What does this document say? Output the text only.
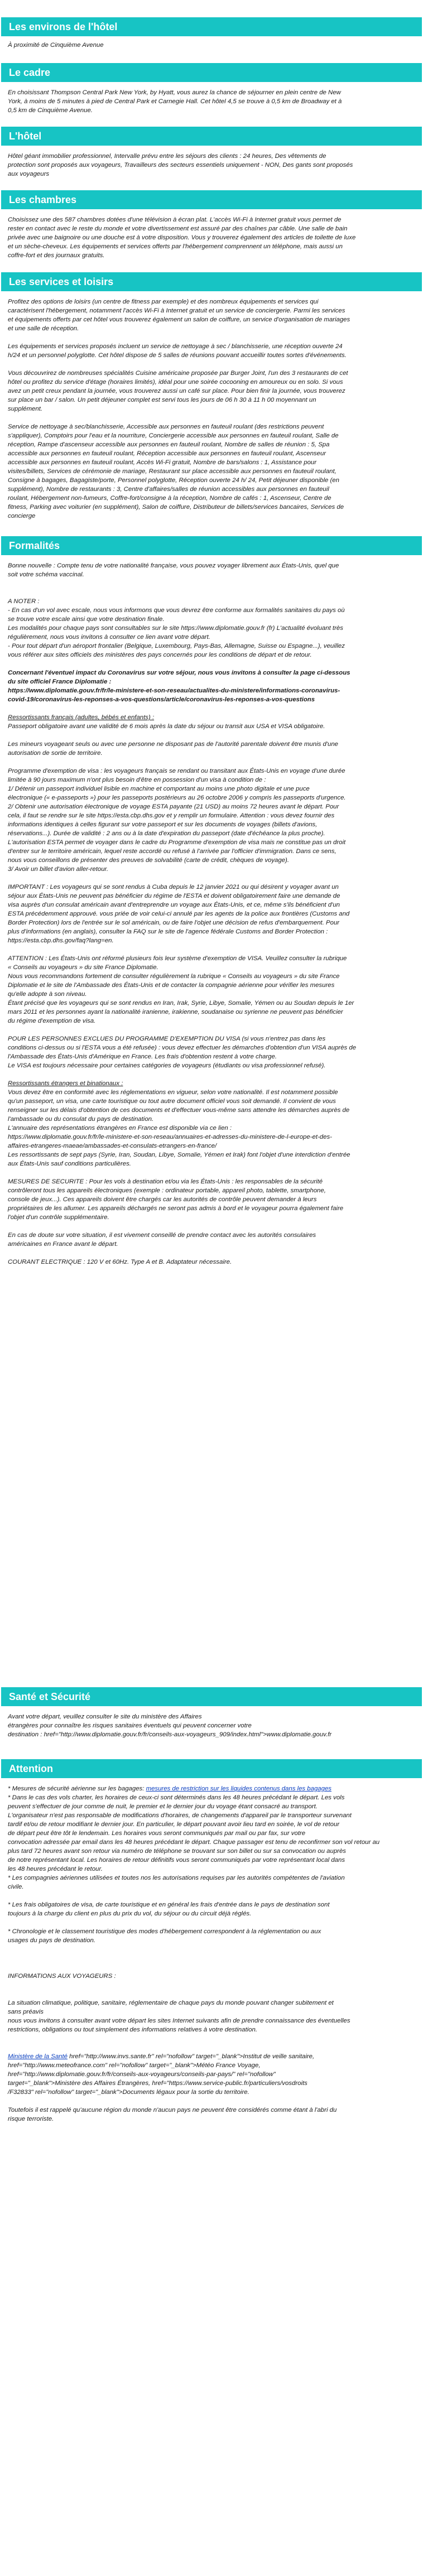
Les environs de l'hôtel

À proximité de Cinquième Avenue

Le cadre

En choisissant Thompson Central Park New York, by Hyatt, vous aurez la chance de séjourner en plein centre de New

York, à moins de 5 minutes à pied de Central Park et Carnegie Hall. Cet hôtel 4,5 se trouve à 0,5 km de Broadway et à

0,5 km de Cinquième Avenue.

L'hôtel

Hôtel géant immobilier professionnel, Intervalle prévu entre les séjours des clients : 24 heures, Des vêtements de

protection sont proposés aux voyageurs, Travailleurs des secteurs essentiels uniquement - NON, Des gants sont proposés

aux voyageurs

Les chambres

Choisissez une des 587 chambres dotées d'une télévision à écran plat. L'accès Wi-Fi à Internet gratuit vous permet de

rester en contact avec le reste du monde et votre divertissement est assuré par des chaînes par câble. Une salle de bain

privée avec une baignoire ou une douche est à votre disposition. Vous y trouverez également des articles de toilette de luxe

et un sèche-cheveux. Les équipements et services offerts par l'hébergement comprennent un téléphone, mais aussi un

coffre-fort et des journaux gratuits.

Les services et loisirs

Profitez des options de loisirs (un centre de fitness par exemple) et des nombreux équipements et services qui

caractérisent l'hébergement, notamment l'accès Wi-Fi à Internet gratuit et un service de conciergerie. Parmi les services

et équipements offerts par cet hôtel vous trouverez également un salon de coiffure, un service d'organisation de mariages

et une salle de réception.

Les équipements et services proposés incluent un service de nettoyage à sec / blanchisserie, une réception ouverte 24

h/24 et un personnel polyglotte. Cet hôtel dispose de 5 salles de réunions pouvant accueillir toutes sortes d'événements.

Vous découvrirez de nombreuses spécialités Cuisine américaine proposée par Burger Joint, l'un des 3 restaurants de cet

hôtel ou profitez du service d'étage (horaires limités), idéal pour une soirée cocooning en amoureux ou en solo. Si vous

avez un petit creux pendant la journée, vous trouverez aussi un café sur place. Pour bien finir la journée, vous trouverez

sur place un bar / salon. Un petit déjeuner complet est servi tous les jours de 06 h 30 à 11 h 00 moyennant un

supplément.

Service de nettoyage à sec/blanchisserie, Accessible aux personnes en fauteuil roulant (des restrictions peuvent

s'appliquer), Comptoirs pour l'eau et la nourriture, Conciergerie accessible aux personnes en fauteuil roulant, Salle de

réception, Rampe d'ascenseur accessible aux personnes en fauteuil roulant, Nombre de salles de réunion : 5, Spa

accessible aux personnes en fauteuil roulant, Réception accessible aux personnes en fauteuil roulant, Ascenseur

accessible aux personnes en fauteuil roulant, Accès Wi-Fi gratuit, Nombre de bars/salons : 1, Assistance pour

visites/billets, Services de cérémonie de mariage, Restaurant sur place accessible aux personnes en fauteuil roulant,

Consigne à bagages, Bagagiste/porte, Personnel polyglotte, Réception ouverte 24 h/ 24, Petit déjeuner disponible (en

supplément), Nombre de restaurants : 3, Centre d'affaires/salles de réunion accessibles aux personnes en fauteuil

roulant, Hébergement non-fumeurs, Coffre-fort/consigne à la réception, Nombre de cafés : 1, Ascenseur, Centre de

fitness, Parking avec voiturier (en supplément), Salon de coiffure, Distributeur de billets/services bancaires, Services de

concierge

Formalités

Bonne nouvelle : Compte tenu de votre nationalité française, vous pouvez voyager librement aux États-Unis, quel que

soit votre schéma vaccinal.

A NOTER :

- En cas d'un vol avec escale, nous vous informons que vous devrez être conforme aux formalités sanitaires du pays où

se trouve votre escale ainsi que votre destination finale.

Les modalités pour chaque pays sont consultables sur le site https://www.diplomatie.gouv.fr (fr) L'actualité évoluant très

régulièrement, nous vous invitons à consulter ce lien avant votre départ.

- Pour tout départ d'un aéroport frontalier (Belgique, Luxembourg, Pays-Bas, Allemagne, Suisse ou Espagne...), veuillez

vous référer aux sites officiels des ministères des pays concernés pour les conditions de départ et de retour.

Concernant l'éventuel impact du Coronavirus sur votre séjour, nous vous invitons à consulter la page ci-dessous

du site officiel France Diplomatie :

https://www.diplomatie.gouv.fr/fr/le-ministere-et-son-reseau/actualites-du-ministere/informations-coronavirus-

covid-19/coronavirus-les-reponses-a-vos-questions/article/coronavirus-les-reponses-a-vos-questions

Ressortissants français (adultes, bébés et enfants) :

Passeport obligatoire avant une validité de 6 mois après la date du séjour ou transit aux USA et VISA obligatoire.

Les mineurs voyageant seuls ou avec une personne ne disposant pas de l'autorité parentale doivent être munis d'une

autorisation de sortie de territoire.

Programme d'exemption de visa : les voyageurs français se rendant ou transitant aux États-Unis en voyage d'une durée

limitée à 90 jours maximum n'ont plus besoin d'être en possession d'un visa à condition de :

1/ Détenir un passeport individuel lisible en machine et comportant au moins une photo digitale et une puce

électronique (« e-passeports ») pour les passeports postérieurs au 26 octobre 2006 y compris les passeports d'urgence.

2/ Obtenir une autorisation électronique de voyage ESTA payante (21 USD) au moins 72 heures avant le départ. Pour

cela, il faut se rendre sur le site https://esta.cbp.dhs.gov et y remplir un formulaire. Attention : vous devez fournir des

informations identiques à celles figurant sur votre passeport et sur les documents de voyages (billets d'avions,

réservations...). Durée de validité : 2 ans ou à la date d'expiration du passeport (date d'échéance la plus proche).

L'autorisation ESTA permet de voyager dans le cadre du Programme d'exemption de visa mais ne constitue pas un droit

d'entrer sur le territoire américain, lequel reste accordé ou refusé à l'arrivée par l'officier d'immigration. Dans ce sens,

nous vous conseillons de présenter des preuves de solvabilité (carte de crédit, chèques de voyage).

3/ Avoir un billet d'avion aller-retour.

IMPORTANT : Les voyageurs qui se sont rendus à Cuba depuis le 12 janvier 2021 ou qui désirent y voyager avant un

séjour aux États-Unis ne peuvent pas bénéficier du régime de l'ESTA et doivent obligatoirement faire une demande de

visa auprès d'un consulat américain avant d'entreprendre un voyage aux États-Unis, et ce, même s'ils bénéficient d'un

ESTA précédemment approuvé. vous priée de voir celui-ci annulé par les agents de la police aux frontières (Customs and

Border Protection) lors de l'entrée sur le sol américain, ou de faire l'objet une décision de refus d'embarquement. Pour

plus d'informations (en anglais), consulter la FAQ sur le site de l'agence fédérale Customs and Border Protection :

https://esta.cbp.dhs.gov/faq?lang=en.

ATTENTION : Les États-Unis ont réformé plusieurs fois leur système d'exemption de VISA. Veuillez consulter la rubrique

« Conseils au voyageurs » du site France Diplomatie.

Nous vous recommandons fortement de consulter régulièrement la rubrique « Conseils au voyageurs » du site France

Diplomatie et le site de l'Ambassade des États-Unis et de contacter la compagnie aérienne pour vérifier les mesures

qu'elle adopte à son niveau.

Étant précisé que les voyageurs qui se sont rendus en Iran, Irak, Syrie, Libye, Somalie, Yémen ou au Soudan depuis le 1er

mars 2011 et les personnes ayant la nationalité iranienne, irakienne, soudanaise ou syrienne ne peuvent pas bénéficier

du régime d'exemption de visa.

POUR LES PERSONNES EXCLUES DU PROGRAMME D'EXEMPTION DU VISA (si vous n'entrez pas dans les

conditions ci-dessus ou si l'ESTA vous a été refusée) : vous devez effectuer les démarches d'obtention d'un VISA auprès de

l'Ambassade des États-Unis d'Amérique en France. Les frais d'obtention restent à votre charge.

Le VISA est toujours nécessaire pour certaines catégories de voyageurs (étudiants ou visa professionnel refusé).

Ressortissants étrangers et binationaux :

Vous devez être en conformité avec les réglementations en vigueur, selon votre nationalité. Il est notamment possible

qu'un passeport, un visa, une carte touristique ou tout autre document officiel vous soit demandé. Il convient de vous

renseigner sur les délais d'obtention de ces documents et d'effectuer vous-même sans attendre les démarches auprès de

l'ambassade ou du consulat du pays de destination.

L'annuaire des représentations étrangères en France est disponible via ce lien :

https://www.diplomatie.gouv.fr/fr/le-ministere-et-son-reseau/annuaires-et-adresses-du-ministere-de-l-europe-et-des-

affaires-etrangeres-maeae/ambassades-et-consulats-etrangers-en-france/

Les ressortissants de sept pays (Syrie, Iran, Soudan, Libye, Somalie, Yémen et Irak) font l'objet d'une interdiction d'entrée

aux États-Unis sauf conditions particulières.

MESURES DE SECURITE : Pour les vols à destination et/ou via les États-Unis : les responsables de la sécurité

contrôleront tous les appareils électroniques (exemple : ordinateur portable, appareil photo, tablette, smartphone,

console de jeux...). Ces appareils doivent être chargés car les autorités de contrôle peuvent demander à leurs

propriétaires de les allumer. Les appareils déchargés ne seront pas admis à bord et le voyageur pourra également faire

l'objet d'un contrôle supplémentaire.

En cas de doute sur votre situation, il est vivement conseillé de prendre contact avec les autorités consulaires

américaines en France avant le départ.

COURANT ELECTRIQUE : 120 V et 60Hz. Type A et B. Adaptateur nécessaire.

Santé et Sécurité

Avant votre départ, veuillez consulter le site du ministère des Affaires

étrangères pour connaître les risques sanitaires éventuels qui peuvent concerner votre

destination : href="http://www.diplomatie.gouv.fr/fr/conseils-aux-voyageurs_909/index.html">www.diplomatie.gouv.fr

Attention

* Mesures de sécurité aérienne sur les bagages: mesures de restriction sur les liquides contenus dans les bagages

* Dans le cas des vols charter, les horaires de ceux-ci sont déterminés dans les 48 heures précédant le départ. Les vols

peuvent s'effectuer de jour comme de nuit, le premier et le dernier jour du voyage étant consacré au transport.

L'organisateur n'est pas responsable de modifications d'horaires, de changements d'appareil par le transporteur survenant

tardif et/ou de retour modifiant le dernier jour. En particulier, le départ pouvant avoir lieu tard en soirée, le vol de retour

de départ peut être tôt le lendemain. Les horaires vous seront communiqués par mail ou par fax, sur votre

convocation adressée par email dans les 48 heures précédant le départ. Chaque passager est tenu de reconfirmer son vol retour au

plus tard 72 heures avant son retour via numéro de téléphone se trouvant sur son billet ou sur sa convocation ou auprès

de notre représentant local. Les horaires de retour définitifs vous seront communiqués par votre représentant local dans

les 48 heures précédant le retour.

* Les compagnies aériennes utilisées et toutes nos les autorisations requises par les autorités compétentes de l'aviation

civile.

* Les frais obligatoires de visa, de carte touristique et en général les frais d'entrée dans le pays de destination sont

toujours à la charge du client en plus du prix du vol, du séjour ou du circuit déjà réglés.

* Chronologie et le classement touristique des modes d'hébergement correspondent à la réglementation ou aux

usages du pays de destination.

INFORMATIONS AUX VOYAGEURS :

La situation climatique, politique, sanitaire, réglementaire de chaque pays du monde pouvant changer subitement et

sans préavis

nous vous invitons à consulter avant votre départ les sites Internet suivants afin de prendre connaissance des éventuelles

restrictions, obligations ou tout simplement des informations relatives à votre destination.

Ministère de la Santé href="http://www.invs.sante.fr" rel="nofollow" target="_blank">Institut de veille sanitaire,

href="http://www.meteofrance.com" rel="nofollow" target="_blank">Météo France Voyage,

href="http://www.diplomatie.gouv.fr/fr/conseils-aux-voyageurs/conseils-par-pays/" rel="nofollow"

target="_blank">Ministère des Affaires Étrangères, href="https://www.service-public.fr/particuliers/vosdroits

/F32833" rel="nofollow" target="_blank">Documents légaux pour la sortie du territoire.

Toutefois il est rappelé qu'aucune région du monde n'aucun pays ne peuvent être considérés comme étant à l'abri du

risque terroriste.
